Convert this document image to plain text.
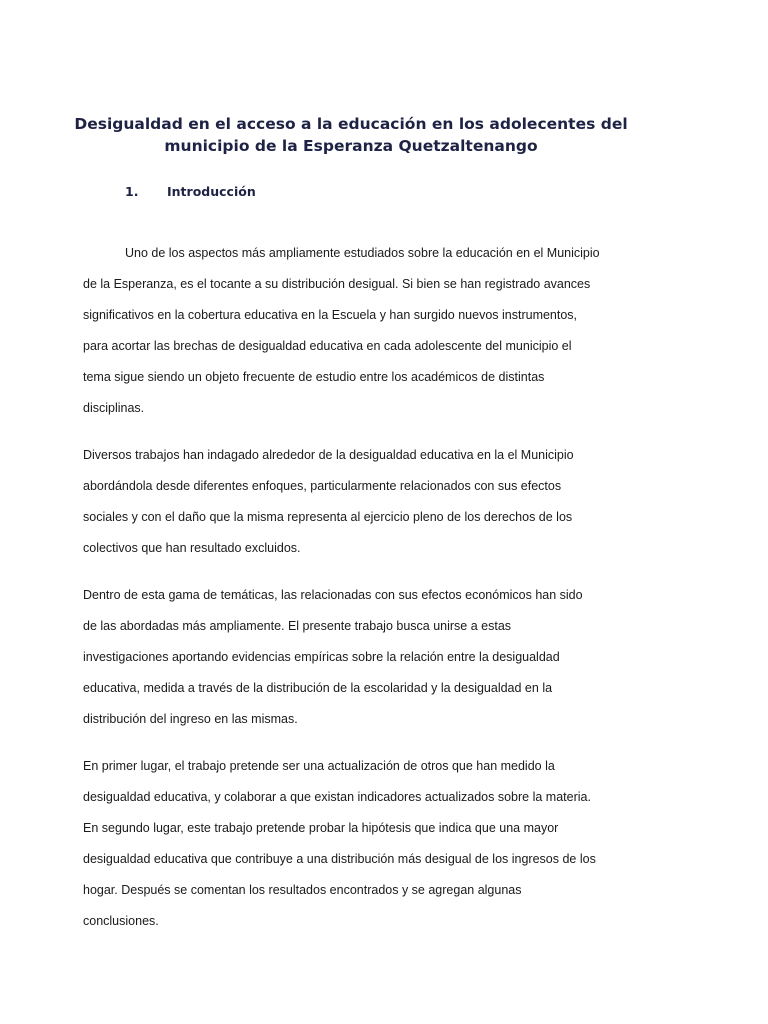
Desigualdad en el acceso a la educación en los adolecentes del
municipio de la Esperanza Quetzaltenango
1. Introducción

Uno de los aspectos más ampliamente estudiados sobre la educación en el Municipio
de la Esperanza, es el tocante a su distribución desigual. Si bien se han registrado avances
significativos en la cobertura educativa en la Escuela y han surgido nuevos instrumentos,
para acortar las brechas de desigualdad educativa en cada adolescente del municipio el
tema sigue siendo un objeto frecuente de estudio entre los académicos de distintas
disciplinas.

Diversos trabajos han indagado alrededor de la desigualdad educativa en la el Municipio
abordándola desde diferentes enfoques, particularmente relacionados con sus efectos
sociales y con el daño que la misma representa al ejercicio pleno de los derechos de los
colectivos que han resultado excluidos.

Dentro de esta gama de temáticas, las relacionadas con sus efectos económicos han sido
de las abordadas más ampliamente. El presente trabajo busca unirse a estas
investigaciones aportando evidencias empíricas sobre la relación entre la desigualdad
educativa, medida a través de la distribución de la escolaridad y la desigualdad en la
distribución del ingreso en las mismas.

En primer lugar, el trabajo pretende ser una actualización de otros que han medido la
desigualdad educativa, y colaborar a que existan indicadores actualizados sobre la materia.
En segundo lugar, este trabajo pretende probar la hipótesis que indica que una mayor
desigualdad educativa que contribuye a una distribución más desigual de los ingresos de los
hogar. Después se comentan los resultados encontrados y se agregan algunas
conclusiones.
